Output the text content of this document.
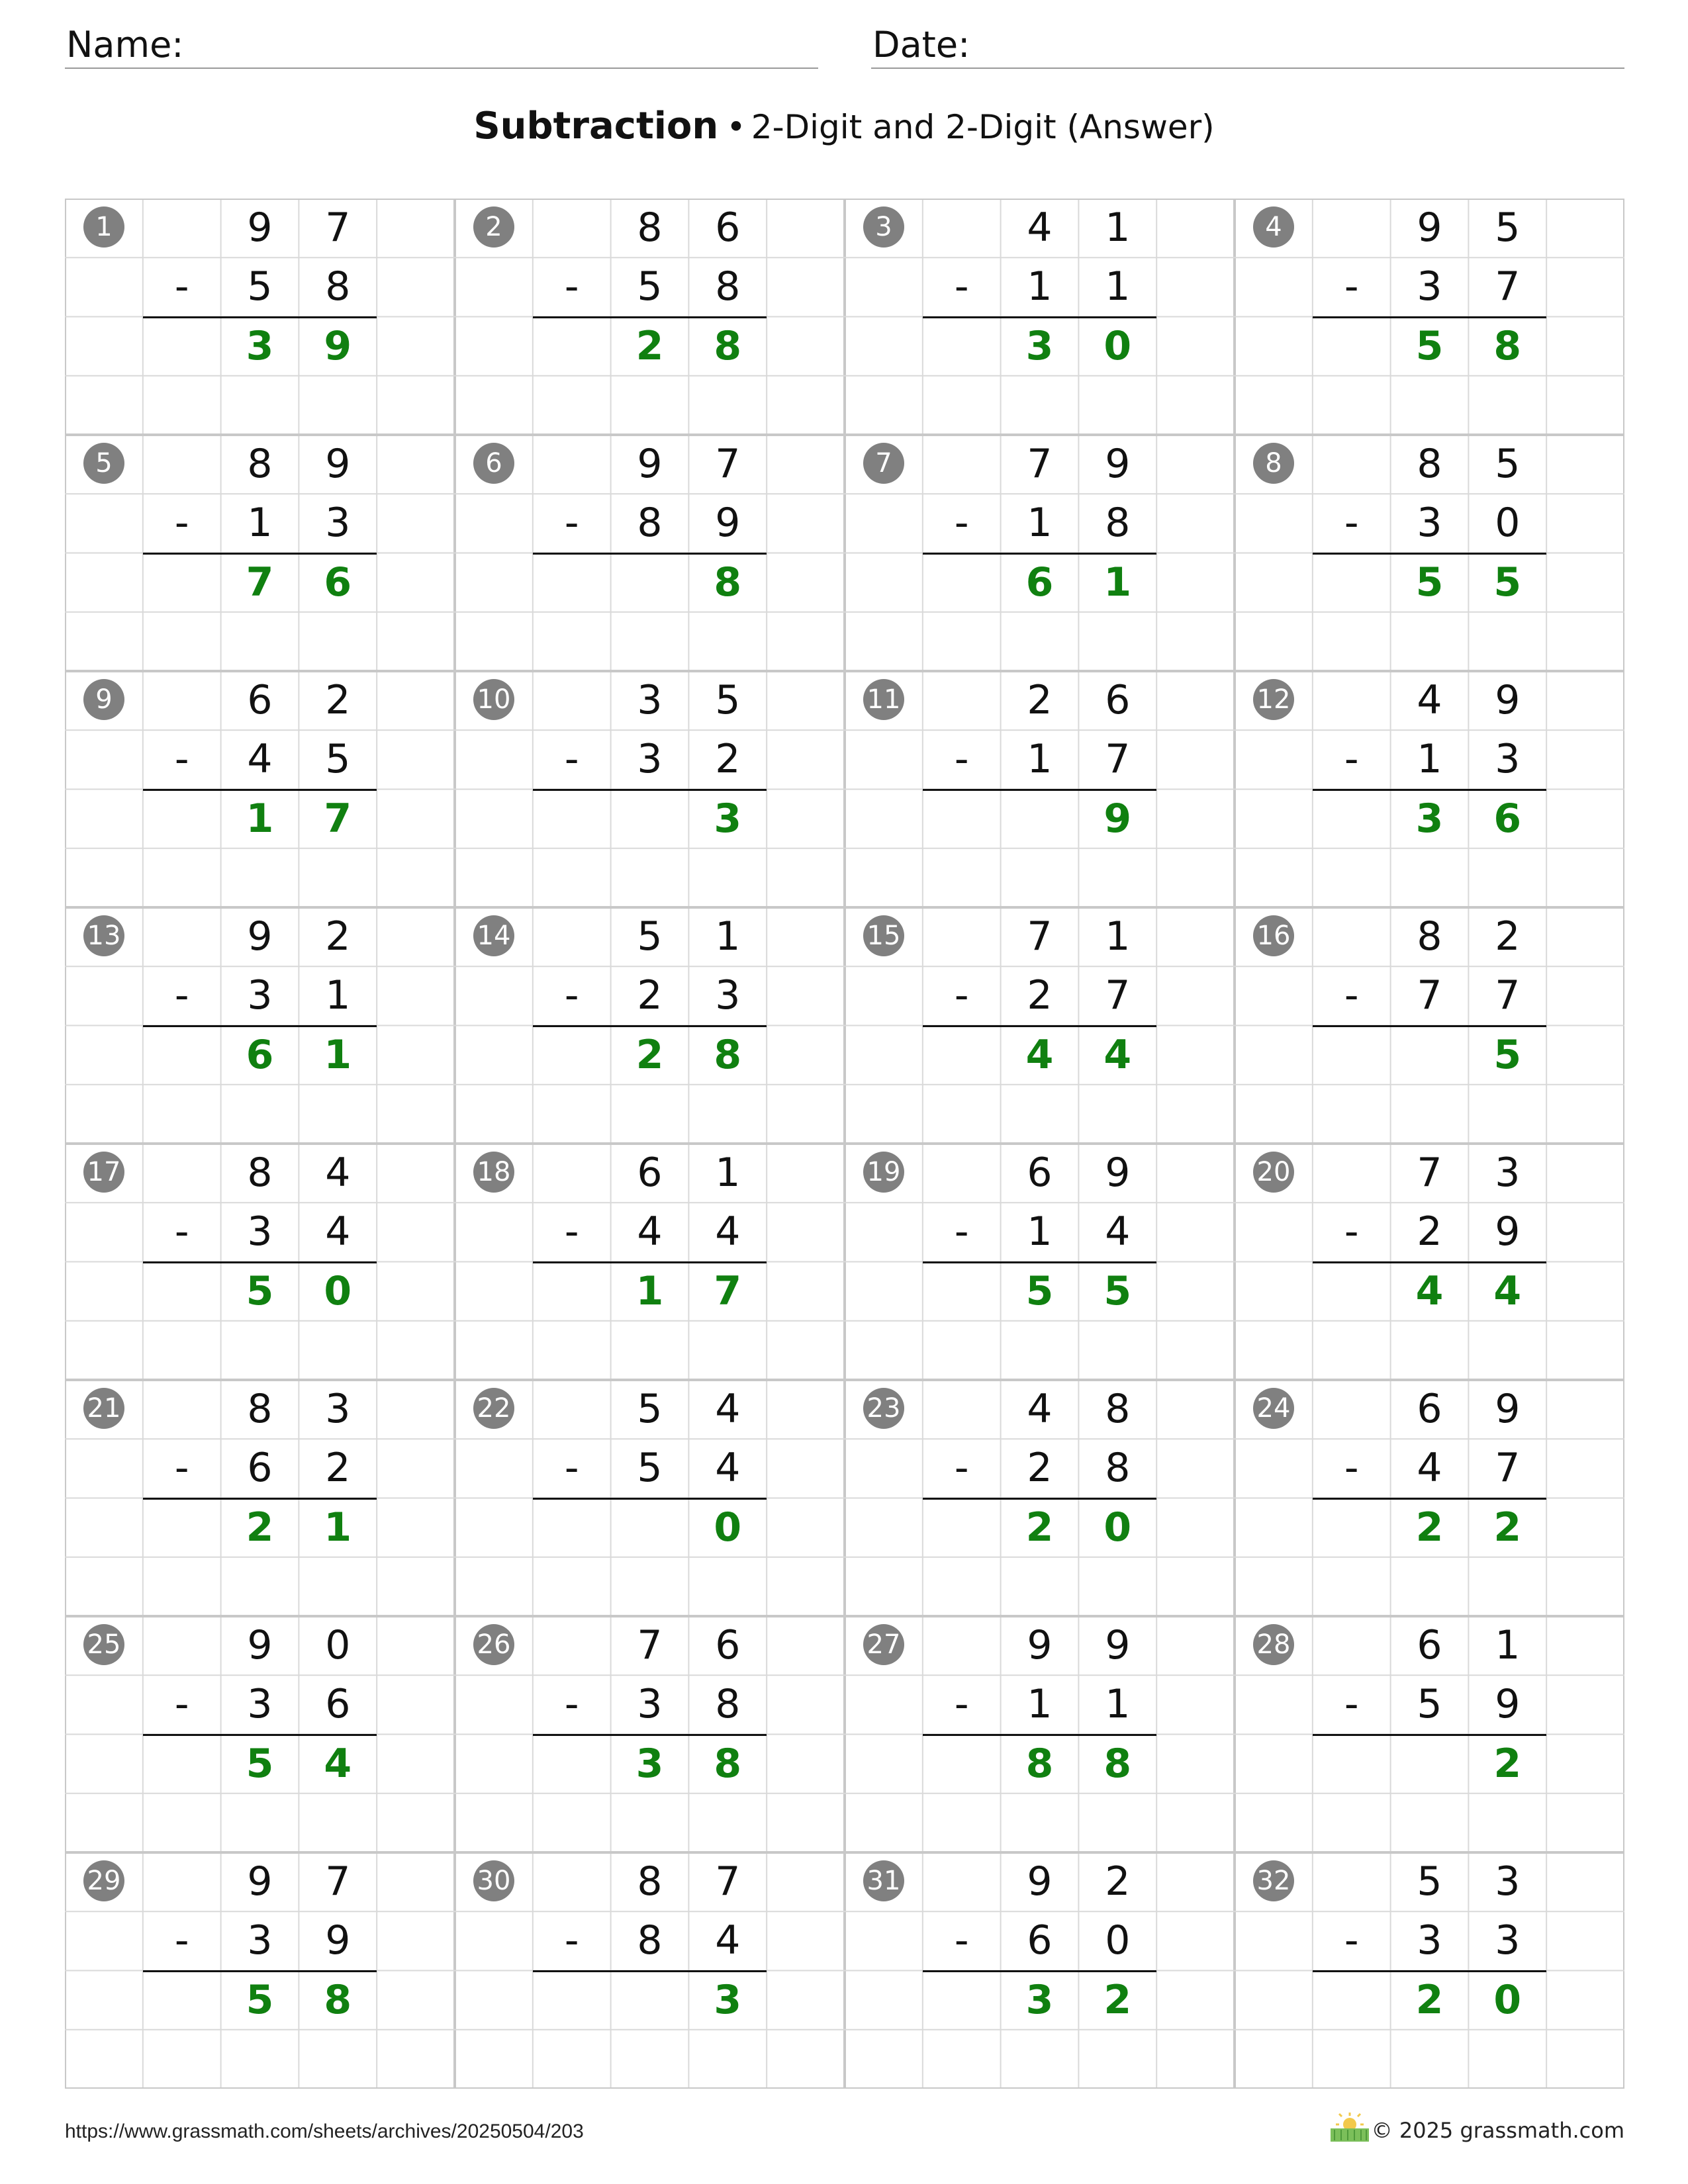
Name:	Date:
Subtraction • 2-Digit and 2-Digit (Answer)
1	9	7
-	5	8
3	9
2	8	6
-	5	8
2	8
3	4	1
-	1	1
3	0
4	9	5
-	3	7
5	8
5	8	9
-	1	3
7	6
6	9	7
-	8	9
8
7	7	9
-	1	8
6	1
8	8	5
-	3	0
5	5
9	6	2
-	4	5
1	7
10	3	5
-	3	2
3
11	2	6
-	1	7
9
12	4	9
-	1	3
3	6
13	9	2
-	3	1
6	1
14	5	1
-	2	3
2	8
15	7	1
-	2	7
4	4
16	8	2
-	7	7
5
17	8	4
-	3	4
5	0
18	6	1
-	4	4
1	7
19	6	9
-	1	4
5	5
20	7	3
-	2	9
4	4
21	8	3
-	6	2
2	1
22	5	4
-	5	4
0
23	4	8
-	2	8
2	0
24	6	9
-	4	7
2	2
25	9	0
-	3	6
5	4
26	7	6
-	3	8
3	8
27	9	9
-	1	1
8	8
28	6	1
-	5	9
2
29	9	7
-	3	9
5	8
30	8	7
-	8	4
3
31	9	2
-	6	0
3	2
32	5	3
-	3	3
2	0
https://www.grassmath.com/sheets/archives/20250504/203	© 2025 grassmath.com
